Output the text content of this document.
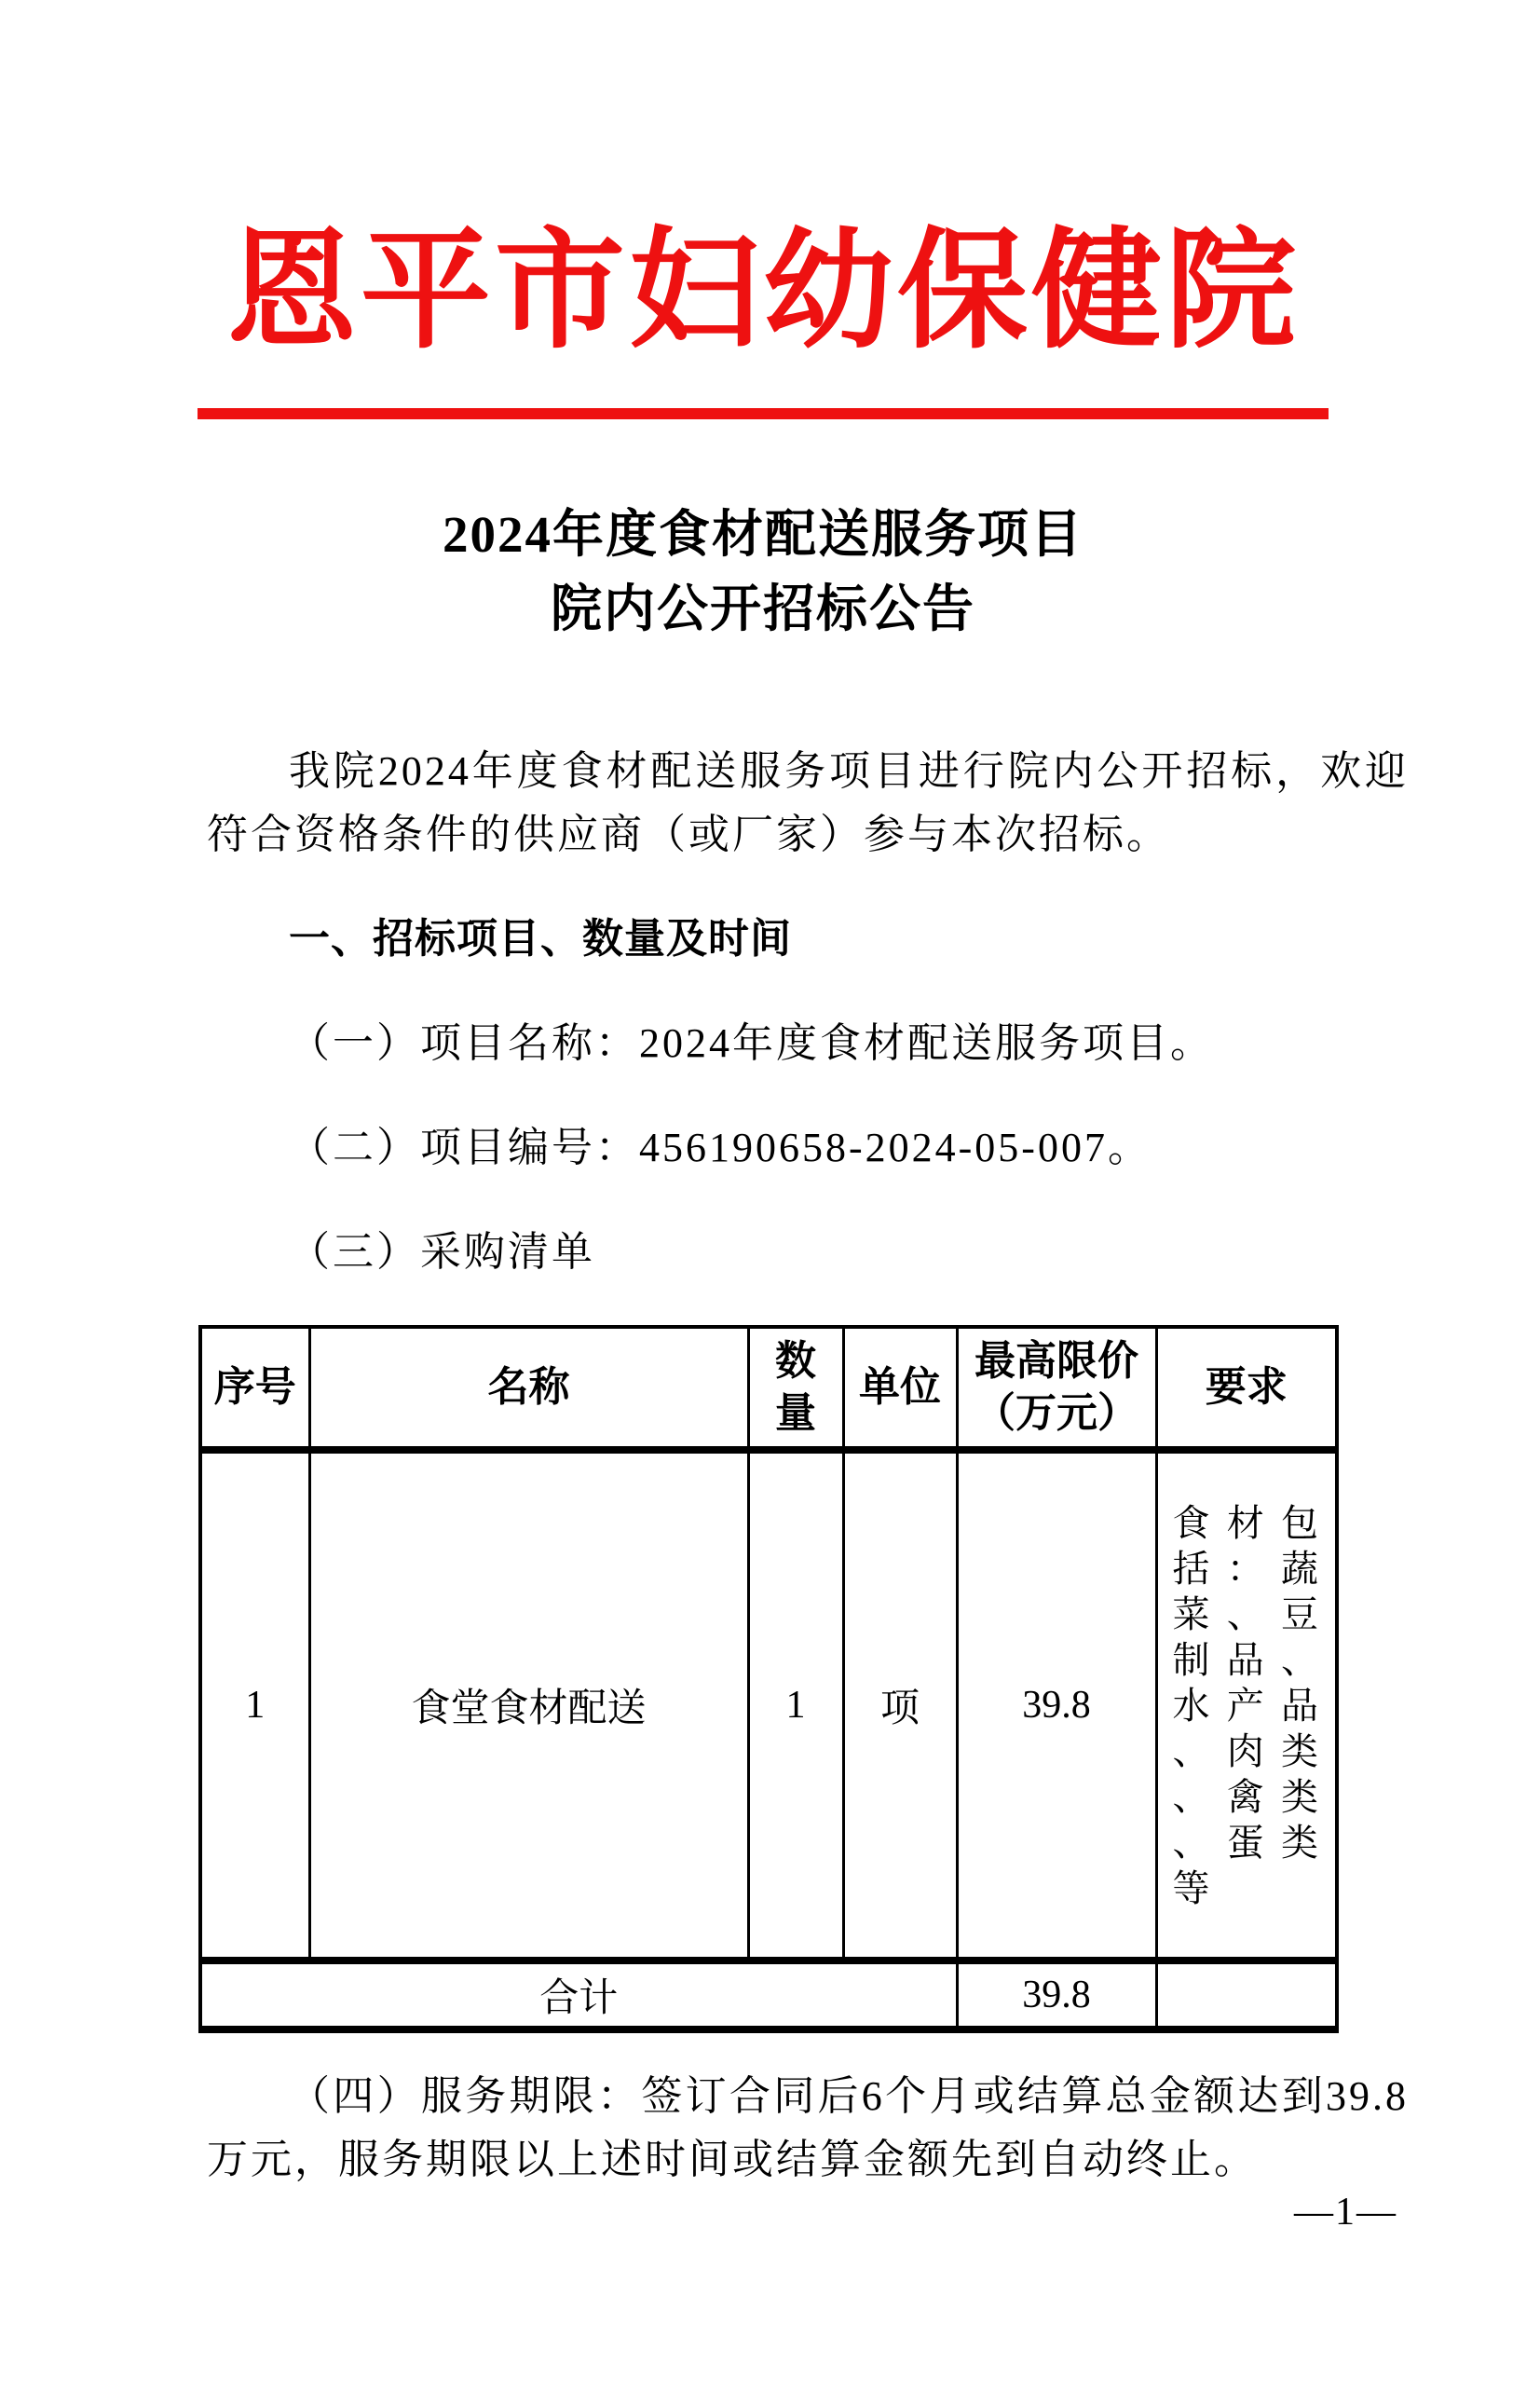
恩平市妇幼保健院
2024年度食材配送服务项目
院内公开招标公告

我院2024年度食材配送服务项目进行院内公开招标，欢迎符合资格条件的供应商（或厂家）参与本次招标。

一、招标项目、数量及时间

（一）项目名称：2024年度食材配送服务项目。

（二）项目编号：456190658-2024-05-007。

（三）采购清单

序号	名称	数量	单位	最高限价（万元）	要求
1	食堂食材配送	1	项	39.8	食材包括：蔬菜、豆制品、水产品、肉类、禽类、蛋类等
合计				39.8	

（四）服务期限：签订合同后6个月或结算总金额达到39.8万元，服务期限以上述时间或结算金额先到自动终止。

—1—
